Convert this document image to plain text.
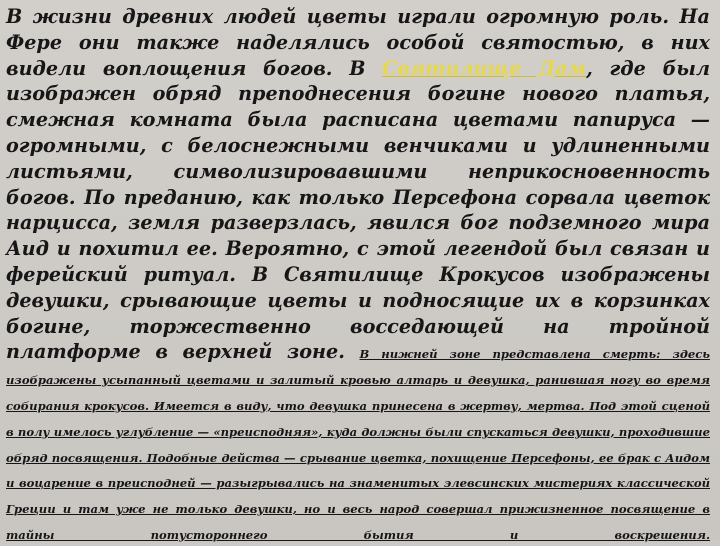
В жизни древних людей цветы играли огромную роль. На Фере они также наделялись особой святостью, в них видели воплощения богов. В Святилище Дам, где был изображен обряд преподнесения богине нового платья, смежная комната была расписана цветами папируса — огромными, с белоснежными венчиками и удлиненными листьями, символизировавшими неприкосновенность богов. По преданию, как только Персефона сорвала цветок нарцисса, земля разверзлась, явился бог подземного мира Аид и похитил ее. Вероятно, с этой легендой был связан и ферейский ритуал. В Святилище Крокусов изображены девушки, срывающие цветы и подносящие их в корзинках богине, торжественно восседающей на тройной платформе в верхней зоне. В нижней зоне представлена смерть: здесь изображены усыпанный цветами и залитый кровью алтарь и девушка, ранившая ногу во время собирания крокусов. Имеется в виду, что девушка принесена в жертву, мертва. Под этой сценой в полу имелось углубление — «преисподняя», куда должны были спускаться девушки, проходившие обряд посвящения. Подобные действа — срывание цветка, похищение Персефоны, ее брак с Аидом и воцарение в преисподней — разыгрывались на знаменитых элевсинских мистериях классической Греции и там уже не только девушки, но и весь народ совершал прижизненное посвящение в тайны потустороннего бытия и воскрешения.
